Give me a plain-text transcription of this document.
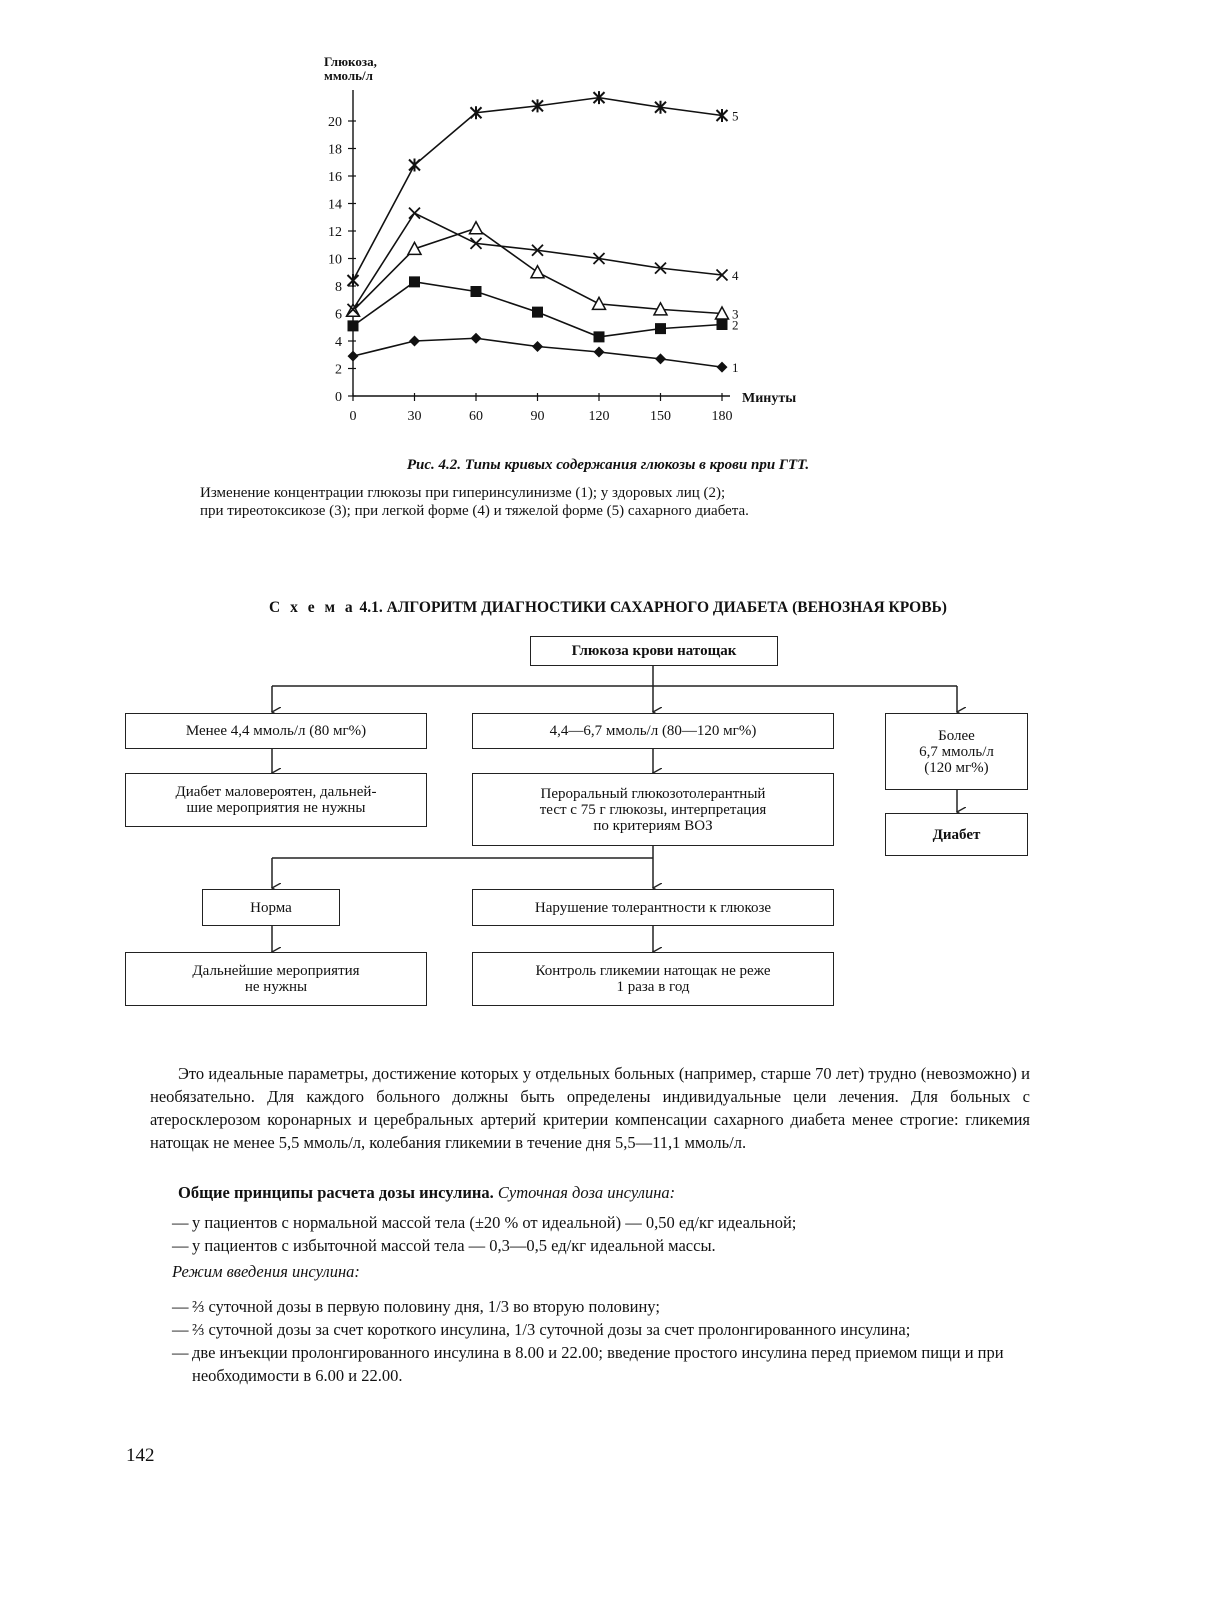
0
2
4
6
8
10
12
14
16
18
20
0	30	60	90	120	150	180
Глюкоза,
ммоль/л
Минуты
1
2
3
4
5
Рис. 4.2. Типы кривых содержания глюкозы в крови при ГТТ.
Изменение концентрации глюкозы при гиперинсулинизме (1); у здоровых лиц (2);
при тиреотоксикозе (3); при легкой форме (4) и тяжелой форме (5) сахарного диабета.
С х е м а 4.1. АЛГОРИТМ ДИАГНОСТИКИ САХАРНОГО ДИАБЕТА (ВЕНОЗНАЯ КРОВЬ)
Глюкоза крови натощак
Менее 4,4 ммоль/л (80 мг%)	4,4—6,7 ммоль/л (80—120 мг%)	Более
6,7 ммоль/л
(120 мг%)
Диабет маловероятен, дальней-
шие мероприятия не нужны
Пероральный глюкозотолерантный
тест с 75 г глюкозы, интерпретация
по критериям ВОЗ
Диабет
Норма	Нарушение толерантности к глюкозе
Дальнейшие мероприятия
не нужны
Контроль гликемии натощак не реже
1 раза в год
Это идеальные параметры, достижение которых у отдельных больных (например, старше 70 лет) трудно (невозможно) и необязательно. Для каждого больного должны быть определены индивидуальные цели лечения. Для больных с атеросклерозом коронарных и церебральных артерий критерии компенсации сахарного диабета менее строгие: гликемия натощак не менее 5,5 ммоль/л, колебания гликемии в течение дня 5,5—11,1 ммоль/л.
Общие принципы расчета дозы инсулина. Суточная доза инсулина:
— у пациентов с нормальной массой тела (±20 % от идеальной) — 0,50 ед/кг идеальной;
— у пациентов с избыточной массой тела — 0,3—0,5 ед/кг идеальной массы.
Режим введения инсулина:
— ⅔ суточной дозы в первую половину дня, 1/3 во вторую половину;
— ⅔ суточной дозы за счет короткого инсулина, 1/3 суточной дозы за счет пролонгированного инсулина;
— две инъекции пролонгированного инсулина в 8.00 и 22.00; введение простого инсулина перед приемом пищи и при необходимости в 6.00 и 22.00.
142
